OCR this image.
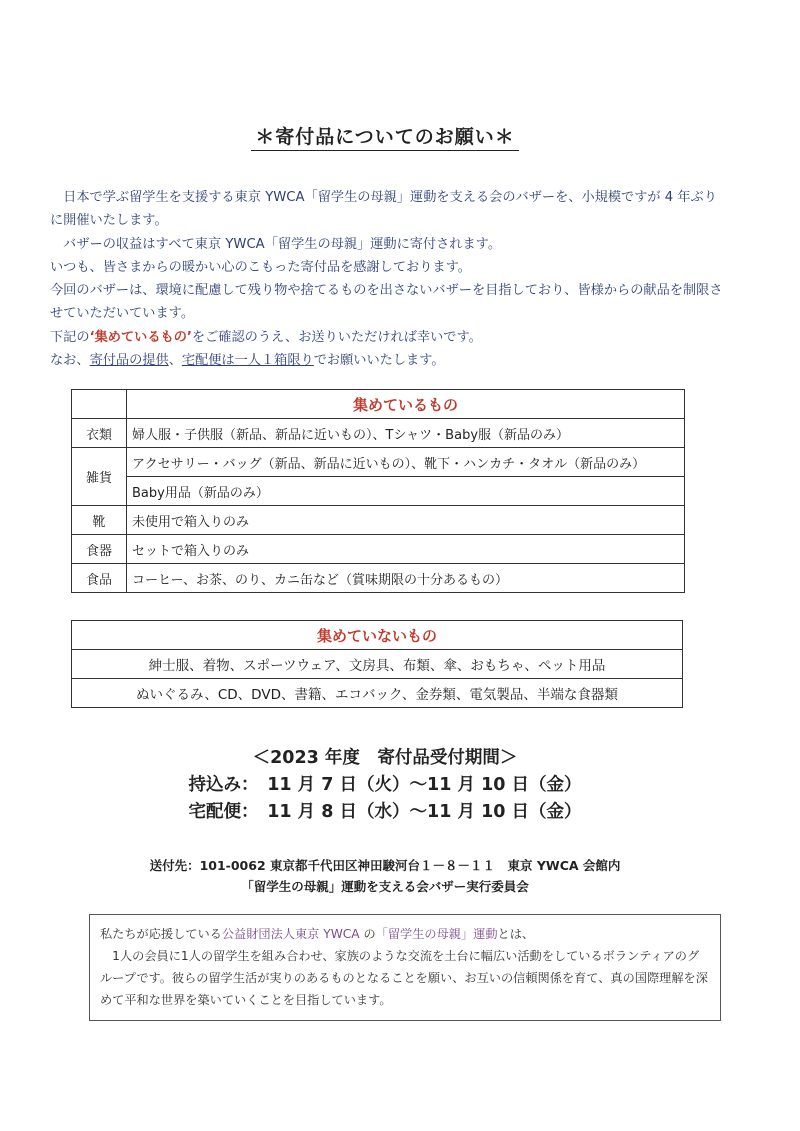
＊寄付品についてのお願い＊

　日本で学ぶ留学生を支援する東京 YWCA「留学生の母親」運動を支える会のバザーを、小規模ですが 4 年ぶりに開催いたします。

　バザーの収益はすべて東京 YWCA「留学生の母親」運動に寄付されます。

いつも、皆さまからの暖かい心のこもった寄付品を感謝しております。

今回のバザーは、環境に配慮して残り物や捨てるものを出さないバザーを目指しており、皆様からの献品を制限させていただいています。

下記の‘集めているもの’をご確認のうえ、お送りいただければ幸いです。

なお、寄付品の提供、宅配便は一人１箱限りでお願いいたします。

	集めているもの
衣類	婦人服・子供服（新品、新品に近いもの）、Tシャツ・Baby服（新品のみ）
雑貨	アクセサリー・バッグ（新品、新品に近いもの）、靴下・ハンカチ・タオル（新品のみ）
	Baby用品（新品のみ）
靴	未使用で箱入りのみ
食器	セットで箱入りのみ
食品	コーヒー、お茶、のり、カニ缶など（賞味期限の十分あるもの）
集めていないもの
紳士服、着物、スポーツウェア、文房具、布類、傘、おもちゃ、ペット用品
ぬいぐるみ、CD、DVD、書籍、エコバック、金券類、電気製品、半端な食器類
＜2023 年度　寄付品受付期間＞
持込み：　11 月 7 日（火）～11 月 10 日（金）
宅配便：　11 月 8 日（水）～11 月 10 日（金）
送付先：101-0062 東京都千代田区神田駿河台１－８－１１　東京 YWCA 会館内
「留学生の母親」運動を支える会バザー実行委員会
私たちが応援している公益財団法人東京 YWCA の「留学生の母親」運動とは、
　1人の会員に1人の留学生を組み合わせ、家族のような交流を土台に幅広い活動をしているボランティアのグループです。彼らの留学生活が実りのあるものとなることを願い、お互いの信頼関係を育て、真の国際理解を深めて平和な世界を築いていくことを目指しています。
